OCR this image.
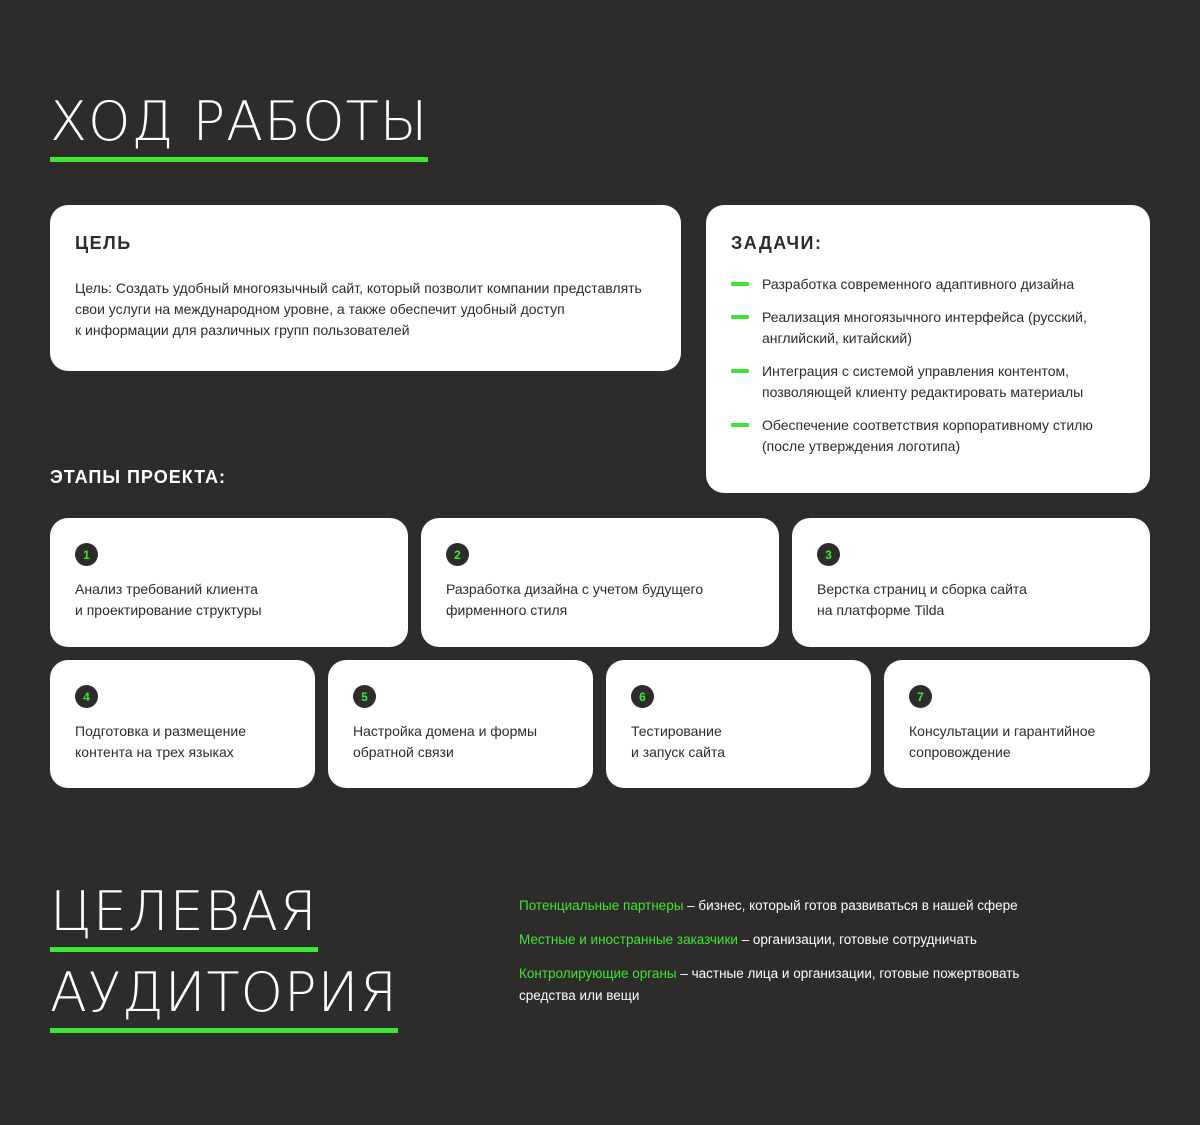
ХОД РАБОТЫ
ЦЕЛЬ
Цель: Создать удобный многоязычный сайт, который позволит компании представлять
свои услуги на международном уровне, а также обеспечит удобный доступ
к информации для различных групп пользователей
ЗАДАЧИ:
Разработка современного адаптивного дизайна
Реализация многоязычного интерфейса (русский,
английский, китайский)
Интеграция с системой управления контентом,
позволяющей клиенту редактировать материалы
Обеспечение соответствия корпоративному стилю
(после утверждения логотипа)
ЭТАПЫ ПРОЕКТА:
1
Анализ требований клиента
и проектирование структуры
2
Разработка дизайна с учетом будущего
фирменного стиля
3
Верстка страниц и сборка сайта
на платформе Tilda
4
Подготовка и размещение
контента на трех языках
5
Настройка домена и формы
обратной связи
6
Тестирование
и запуск сайта
7
Консультации и гарантийное
сопровождение
ЦЕЛЕВАЯ
АУДИТОРИЯ
Потенциальные партнеры – бизнес, который готов развиваться в нашей сфере
Местные и иностранные заказчики – организации, готовые сотрудничать
Контролирующие органы – частные лица и организации, готовые пожертвовать средства или вещи
